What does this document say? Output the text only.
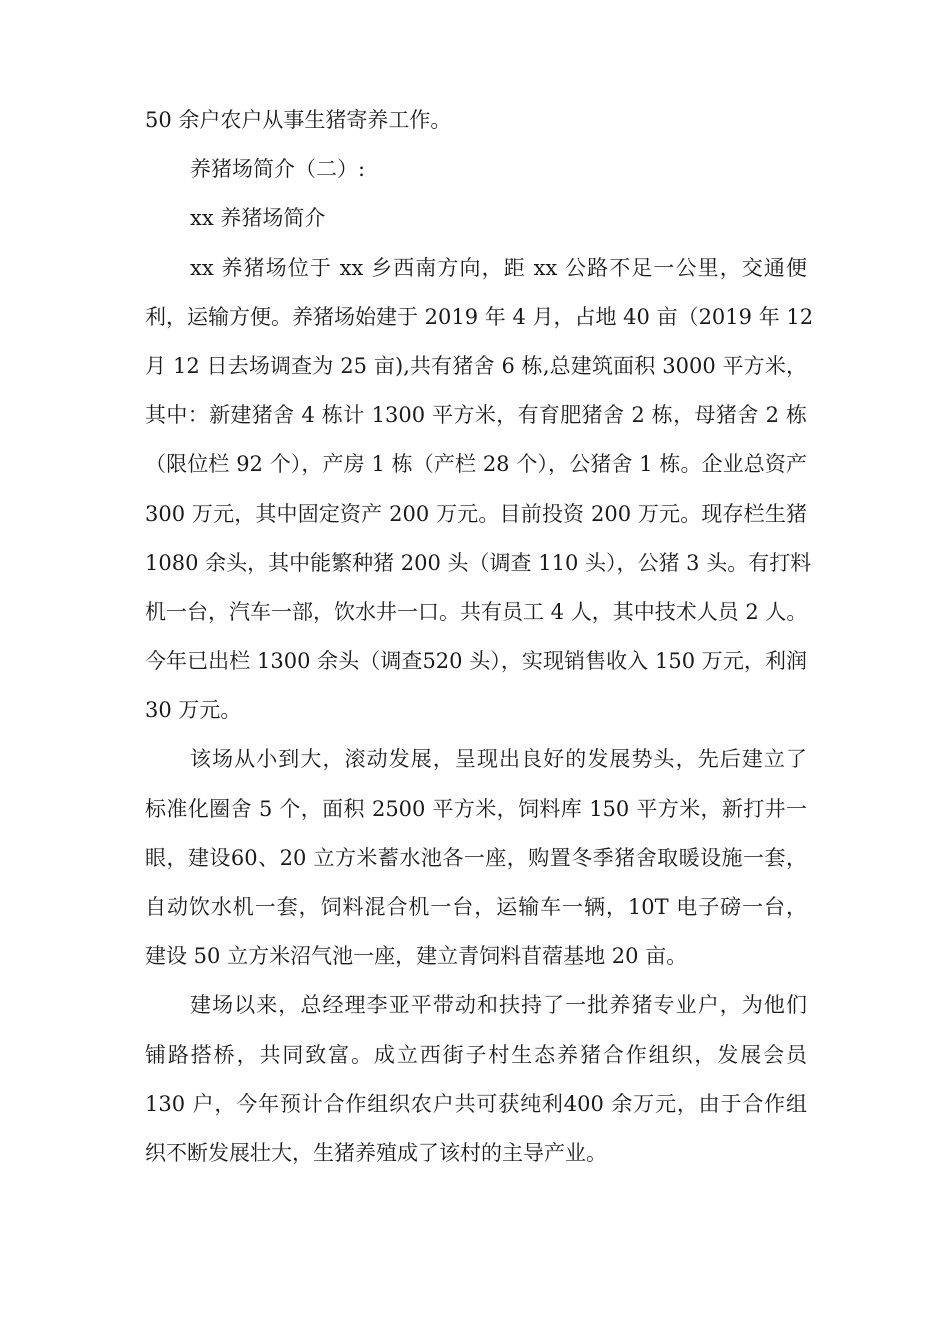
50 余户农户从事生猪寄养工作。
养猪场简介（二）:
xx 养猪场简介
xx 养猪场位于 xx 乡西南方向，距 xx 公路不足一公里，交通便
利，运输方便。养猪场始建于 2019 年 4 月，占地 40 亩（2019 年 12
月 12 日去场调查为 25 亩),共有猪舍 6 栋,总建筑面积 3000 平方米，
其中：新建猪舍 4 栋计 1300 平方米，有育肥猪舍 2 栋，母猪舍 2 栋
（限位栏 92 个），产房 1 栋（产栏 28 个），公猪舍 1 栋。企业总资产
300 万元，其中固定资产 200 万元。目前投资 200 万元。现存栏生猪
1080 余头，其中能繁种猪 200 头（调查 110 头），公猪 3 头。有打料
机一台，汽车一部，饮水井一口。共有员工 4 人，其中技术人员 2 人。
今年已出栏 1300 余头（调查520 头），实现销售收入 150 万元，利润
30 万元。
该场从小到大，滚动发展，呈现出良好的发展势头，先后建立了
标准化圈舍 5 个，面积 2500 平方米，饲料库 150 平方米，新打井一
眼，建设60、20 立方米蓄水池各一座，购置冬季猪舍取暖设施一套，
自动饮水机一套，饲料混合机一台，运输车一辆，10T 电子磅一台，
建设 50 立方米沼气池一座，建立青饲料苜蓿基地 20 亩。
建场以来，总经理李亚平带动和扶持了一批养猪专业户，为他们
铺路搭桥，共同致富。成立西街子村生态养猪合作组织，发展会员
130 户，今年预计合作组织农户共可获纯利400 余万元，由于合作组
织不断发展壮大，生猪养殖成了该村的主导产业。
